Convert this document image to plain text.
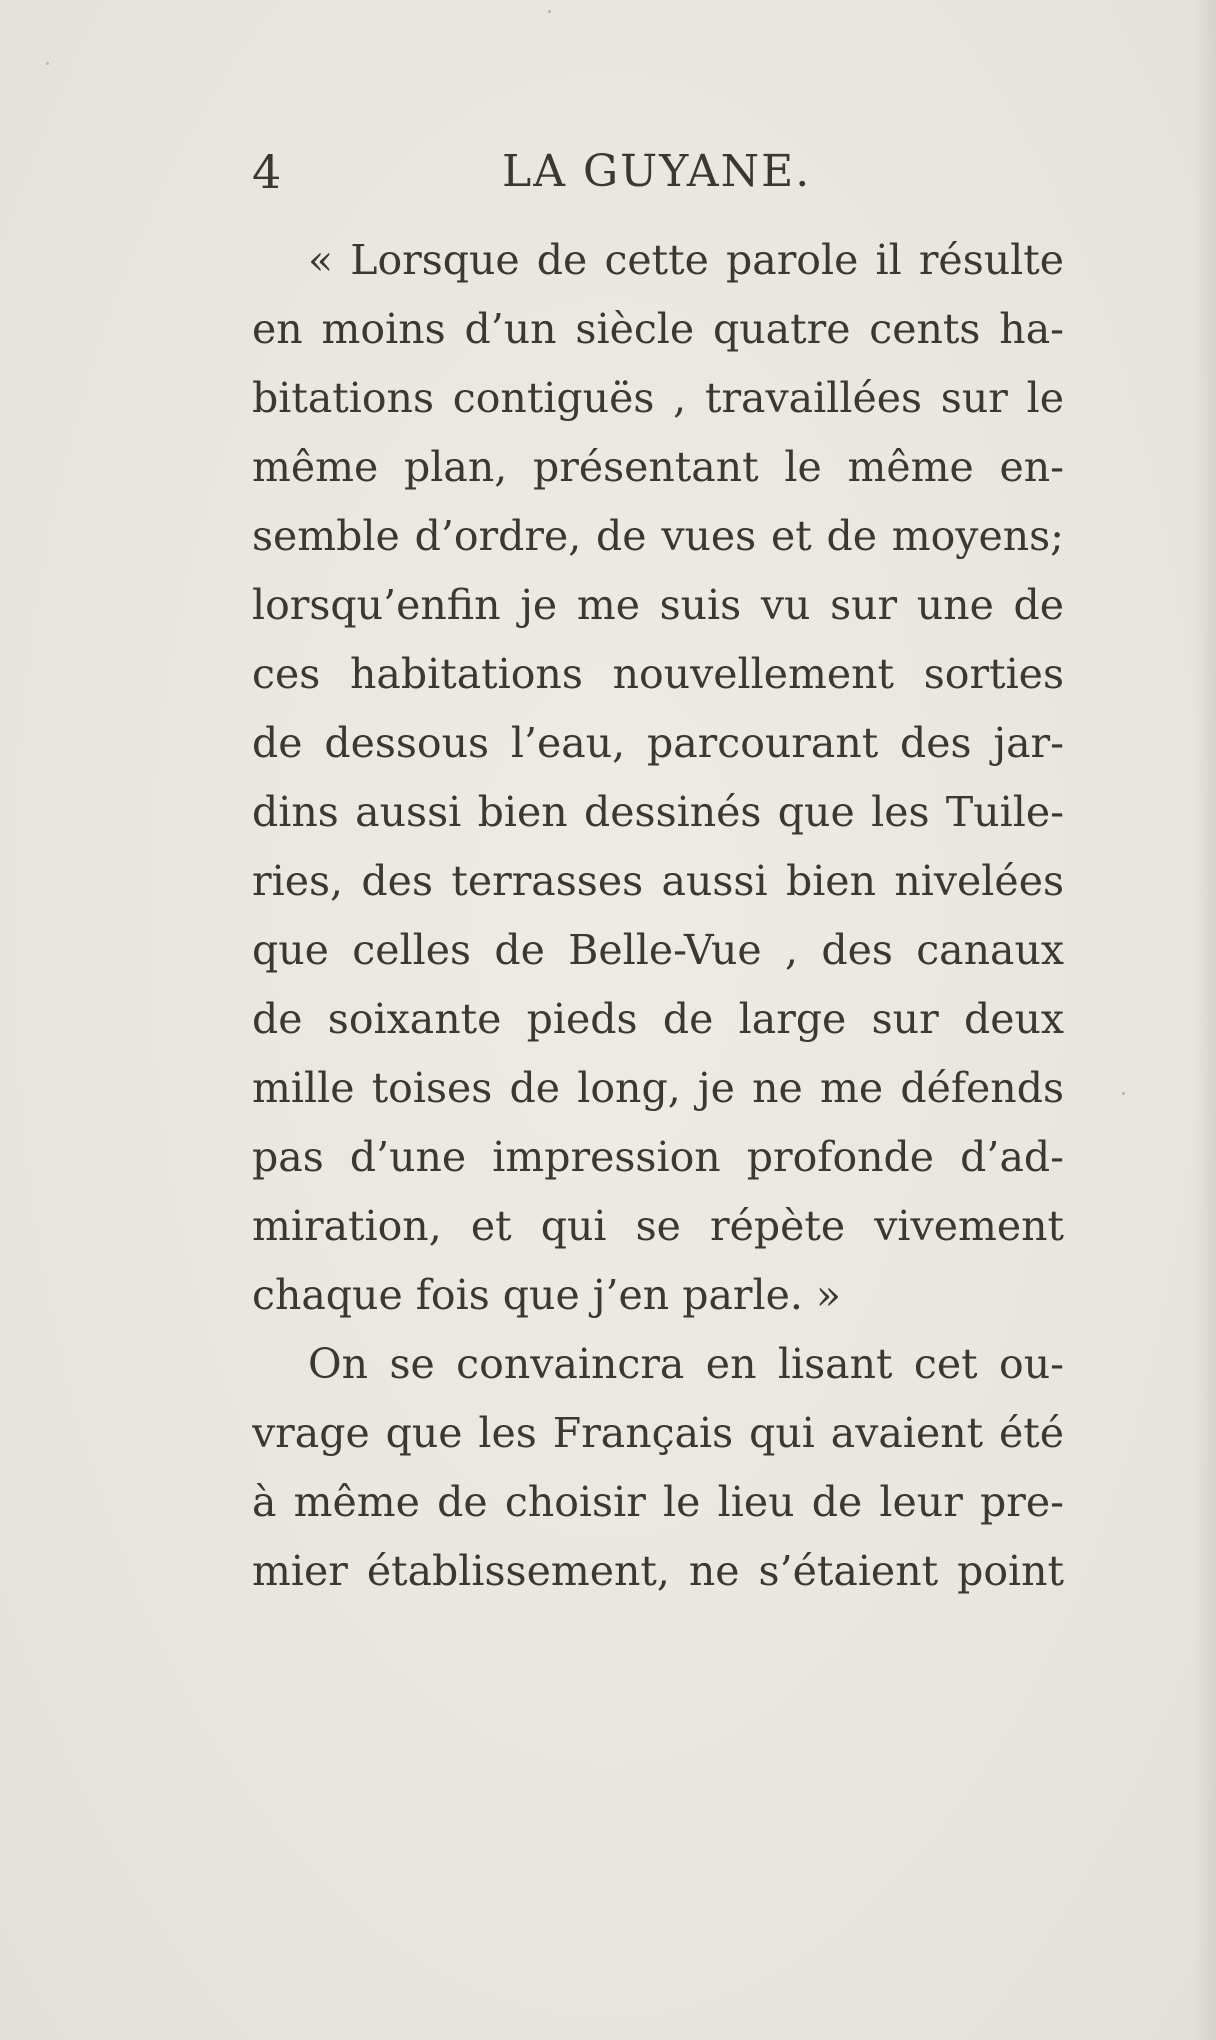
4	LA GUYANE.
« Lorsque de cette parole il résulte
en moins d’un siècle quatre cents ha-
bitations contiguës , travaillées sur le
même plan, présentant le même en-
semble d’ordre, de vues et de moyens;
lorsqu’enfin je me suis vu sur une de
ces habitations nouvellement sorties
de dessous l’eau, parcourant des jar-
dins aussi bien dessinés que les Tuile-
ries, des terrasses aussi bien nivelées
que celles de Belle-Vue , des canaux
de soixante pieds de large sur deux
mille toises de long, je ne me défends
pas d’une impression profonde d’ad-
miration, et qui se répète vivement
chaque fois que j’en parle. »
On se convaincra en lisant cet ou-
vrage que les Français qui avaient été
à même de choisir le lieu de leur pre-
mier établissement, ne s’étaient point
